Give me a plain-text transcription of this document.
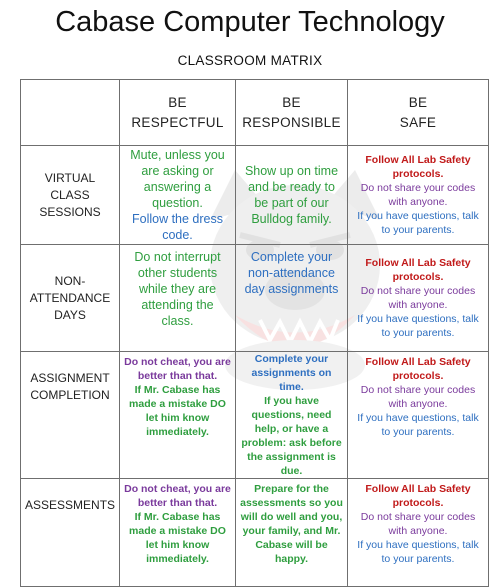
Cabase Computer Technology
CLASSROOM MATRIX

	BE
RESPECTFUL	BE
RESPONSIBLE	BE
SAFE

VIRTUAL
CLASS
SESSIONS	Mute, unless you are asking or answering a question.
Follow the dress code.	Show up on time and be ready to be part of our Bulldog family.	Follow All Lab Safety protocols.
Do not share your codes with anyone.
If you have questions, talk to your parents.

NON-
ATTENDANCE
DAYS	Do not interrupt other students while they are attending the class.	Complete your non-attendance day assignments	Follow All Lab Safety protocols.
Do not share your codes with anyone.
If you have questions, talk to your parents.

ASSIGNMENT
COMPLETION	Do not cheat, you are better than that.
If Mr. Cabase has made a mistake DO let him know immediately.	Complete your assignments on time.
If you have questions, need help, or have a problem: ask before the assignment is due.	Follow All Lab Safety protocols.
Do not share your codes with anyone.
If you have questions, talk to your parents.

ASSESSMENTS	Do not cheat, you are better than that.
If Mr. Cabase has made a mistake DO let him know immediately.	Prepare for the assessments so you will do well and you, your family, and Mr. Cabase will be happy.	Follow All Lab Safety protocols.
Do not share your codes with anyone.
If you have questions, talk to your parents.
